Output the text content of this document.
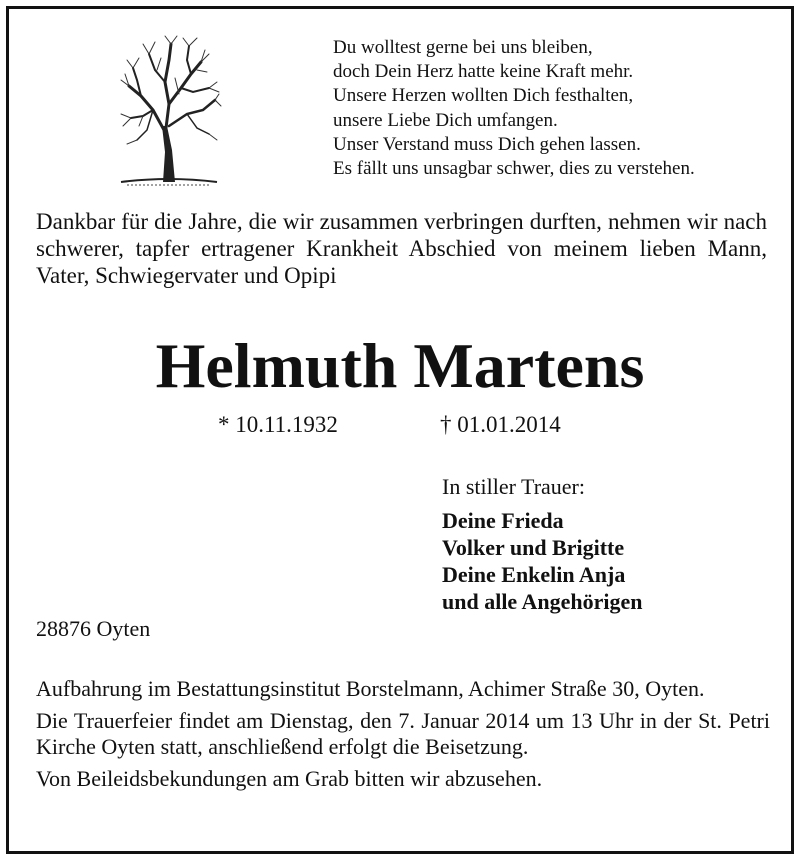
Du wolltest gerne bei uns bleiben,
doch Dein Herz hatte keine Kraft mehr.
Unsere Herzen wollten Dich festhalten,
unsere Liebe Dich umfangen.
Unser Verstand muss Dich gehen lassen.
Es fällt uns unsagbar schwer, dies zu verstehen.
Dankbar für die Jahre, die wir zusammen verbringen durften, nehmen wir nach schwerer, tapfer ertragener Krankheit Abschied von meinem lieben Mann, Vater, Schwiegervater und Opipi
Helmuth Martens
* 10.11.1932	† 01.01.2014
In stiller Trauer:
Deine Frieda
Volker und Brigitte
Deine Enkelin Anja
und alle Angehörigen
28876 Oyten

Aufbahrung im Bestattungsinstitut Borstelmann, Achimer Straße 30, Oyten.

Die Trauerfeier findet am Dienstag, den 7. Januar 2014 um 13 Uhr in der St. Petri Kirche Oyten statt, anschließend erfolgt die Beisetzung.

Von Beileidsbekundungen am Grab bitten wir abzusehen.
